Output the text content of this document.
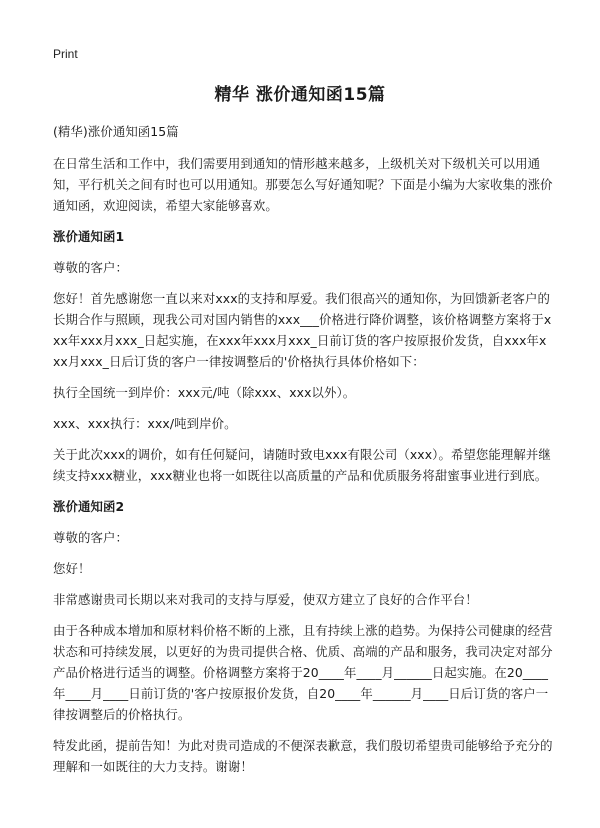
Print
精华 涨价通知函15篇
(精华)涨价通知函15篇
在日常生活和工作中，我们需要用到通知的情形越来越多，上级机关对下级机关可以用通知，平行机关之间有时也可以用通知。那要怎么写好通知呢？下面是小编为大家收集的涨价通知函，欢迎阅读，希望大家能够喜欢。
涨价通知函1
尊敬的客户：
您好！首先感谢您一直以来对xxx的支持和厚爱。我们很高兴的通知你，为回馈新老客户的长期合作与照顾，现我公司对国内销售的xxx___价格进行降价调整，该价格调整方案将于xxx年xxx月xxx_日起实施，在xxx年xxx月xxx_日前订货的客户按原报价发货，自xxx年xxx月xxx_日后订货的客户一律按调整后的'价格执行具体价格如下：
执行全国统一到岸价：xxx元/吨（除xxx、xxx以外）。
xxx、xxx执行：xxx/吨到岸价。
关于此次xxx的调价，如有任何疑问，请随时致电xxx有限公司（xxx）。希望您能理解并继续支持xxx糖业，xxx糖业也将一如既往以高质量的产品和优质服务将甜蜜事业进行到底。
涨价通知函2
尊敬的客户：
您好！
非常感谢贵司长期以来对我司的支持与厚爱，使双方建立了良好的合作平台！
由于各种成本增加和原材料价格不断的上涨，且有持续上涨的趋势。为保持公司健康的经营状态和可持续发展，以更好的为贵司提供合格、优质、高端的产品和服务，我司决定对部分产品价格进行适当的调整。价格调整方案将于20____年____月______日起实施。在20____年____月____日前订货的'客户按原报价发货，自20____年______月____日后订货的客户一律按调整后的价格执行。
特发此函，提前告知！为此对贵司造成的不便深表歉意，我们殷切希望贵司能够给予充分的理解和一如既往的大力支持。谢谢！
